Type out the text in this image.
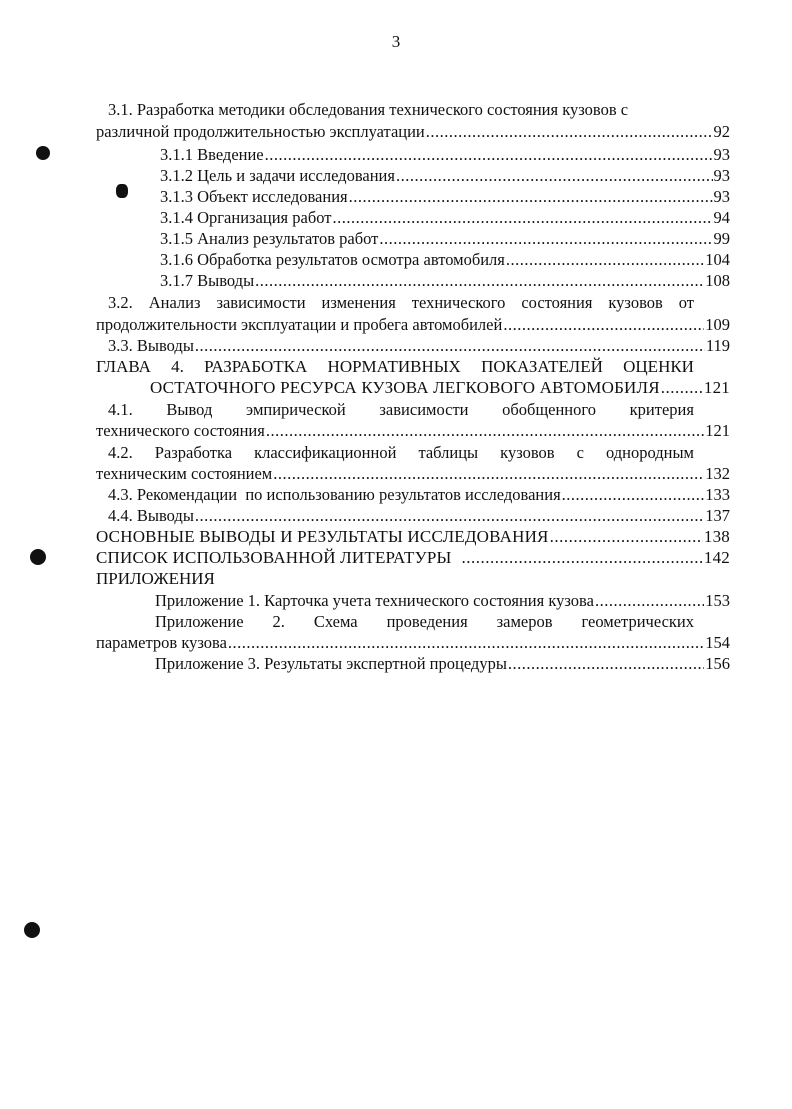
3
3.1. Разработка методики обследования технического состояния кузовов с
различной продолжительностью эксплуатации .....	92
3.1.1 Введение .....	93
3.1.2 Цель и задачи исследования .....	93
3.1.3 Объект исследования .....	93
3.1.4 Организация работ .....	94
3.1.5 Анализ результатов работ .....	99
3.1.6 Обработка результатов осмотра автомобиля .....	104
3.1.7 Выводы .....	108
3.2. Анализ зависимости изменения технического состояния кузовов от
продолжительности эксплуатации и пробега автомобилей .....	109
3.3. Выводы .....	119
ГЛАВА 4. РАЗРАБОТКА НОРМАТИВНЫХ ПОКАЗАТЕЛЕЙ ОЦЕНКИ
ОСТАТОЧНОГО РЕСУРСА КУЗОВА ЛЕГКОВОГО АВТОМОБИЛЯ .....	121
4.1. Вывод эмпирической зависимости обобщенного критерия
технического состояния .....	121
4.2. Разработка классификационной таблицы кузовов с однородным
техническим состоянием .....	132
4.3. Рекомендации  по использованию результатов исследования .....	133
4.4. Выводы .....	137
ОСНОВНЫЕ ВЫВОДЫ И РЕЗУЛЬТАТЫ ИССЛЕДОВАНИЯ .....	138
СПИСОК ИСПОЛЬЗОВАННОЙ ЛИТЕРАТУРЫ .....	142
ПРИЛОЖЕНИЯ
Приложение 1. Карточка учета технического состояния кузова .....	153
Приложение 2. Схема проведения замеров геометрических
параметров кузова .....	154
Приложение 3. Результаты экспертной процедуры .....	156
